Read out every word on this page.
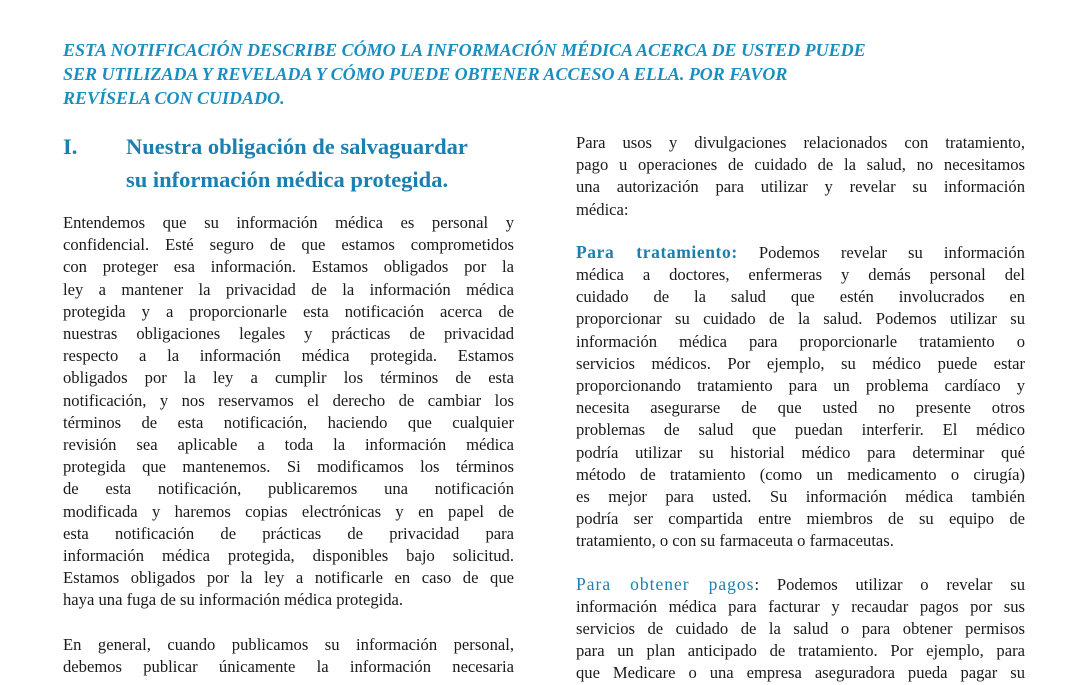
ESTA NOTIFICACIÓN DESCRIBE CÓMO LA INFORMACIÓN MÉDICA ACERCA DE USTED PUEDE
SER UTILIZADA Y REVELADA Y CÓMO PUEDE OBTENER ACCESO A ELLA. POR FAVOR
REVÍSELA CON CUIDADO.
I. Nuestra obligación de salvaguardar
su información médica protegida.
Entendemos que su información médica es personal y
confidencial. Esté seguro de que estamos comprometidos
con proteger esa información. Estamos obligados por la
ley a mantener la privacidad de la información médica
protegida y a proporcionarle esta notificación acerca de
nuestras obligaciones legales y prácticas de privacidad
respecto a la información médica protegida. Estamos
obligados por la ley a cumplir los términos de esta
notificación, y nos reservamos el derecho de cambiar los
términos de esta notificación, haciendo que cualquier
revisión sea aplicable a toda la información médica
protegida que mantenemos. Si modificamos los términos
de esta notificación, publicaremos una notificación
modificada y haremos copias electrónicas y en papel de
esta notificación de prácticas de privacidad para
información médica protegida, disponibles bajo solicitud.
Estamos obligados por la ley a notificarle en caso de que
haya una fuga de su información médica protegida.
En general, cuando publicamos su información personal,
debemos publicar únicamente la información necesaria
Para usos y divulgaciones relacionados con tratamiento,
pago u operaciones de cuidado de la salud, no necesitamos
una autorización para utilizar y revelar su información
médica:
Para tratamiento: Podemos revelar su información
médica a doctores, enfermeras y demás personal del
cuidado de la salud que estén involucrados en
proporcionar su cuidado de la salud. Podemos utilizar su
información médica para proporcionarle tratamiento o
servicios médicos. Por ejemplo, su médico puede estar
proporcionando tratamiento para un problema cardíaco y
necesita asegurarse de que usted no presente otros
problemas de salud que puedan interferir. El médico
podría utilizar su historial médico para determinar qué
método de tratamiento (como un medicamento o cirugía)
es mejor para usted. Su información médica también
podría ser compartida entre miembros de su equipo de
tratamiento, o con su farmaceuta o farmaceutas.
Para obtener pagos: Podemos utilizar o revelar su
información médica para facturar y recaudar pagos por sus
servicios de cuidado de la salud o para obtener permisos
para un plan anticipado de tratamiento. Por ejemplo, para
que Medicare o una empresa aseguradora pueda pagar su
